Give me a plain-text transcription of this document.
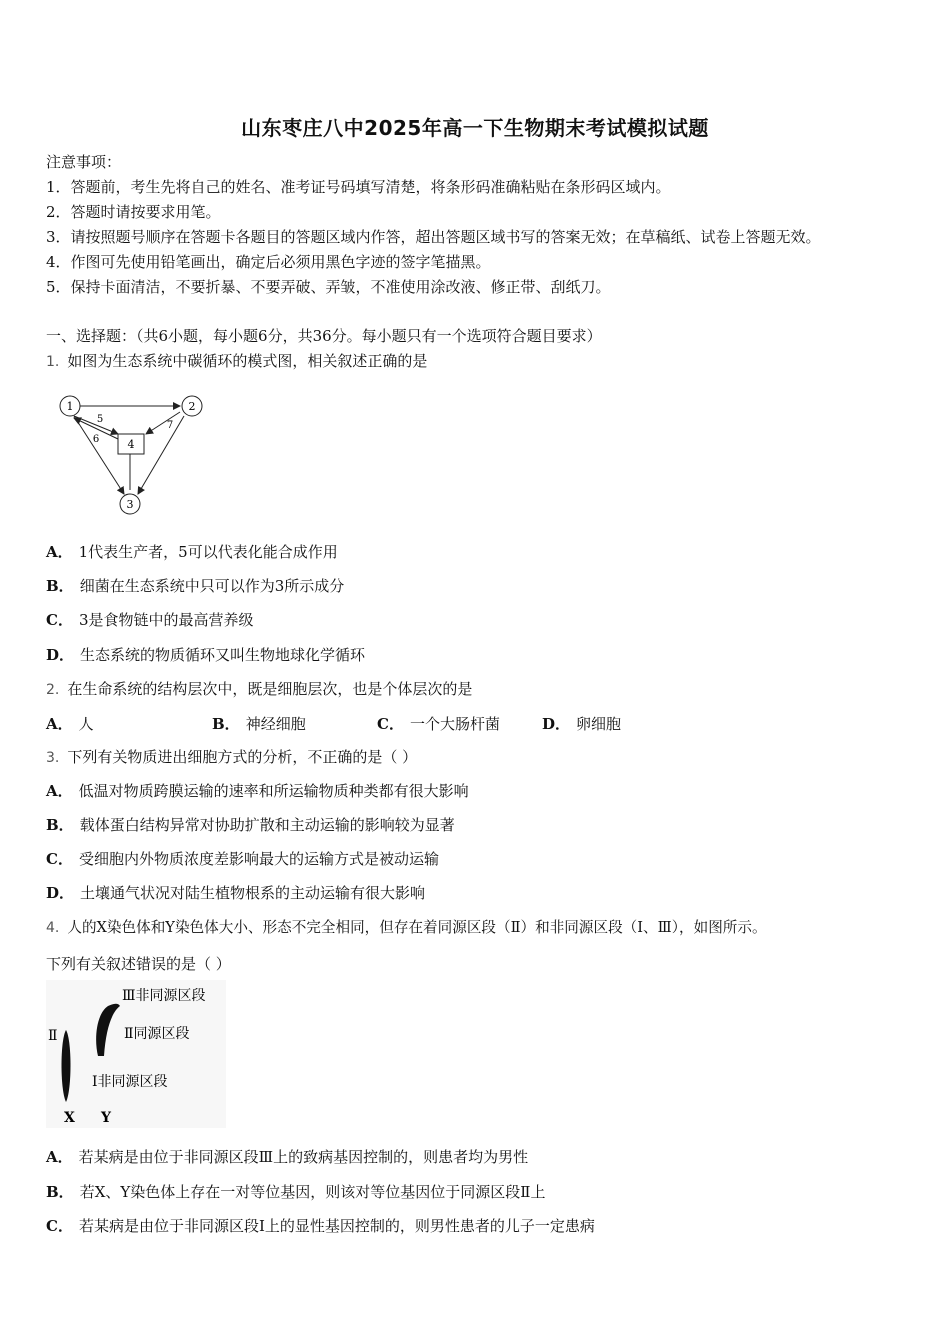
山东枣庄八中2025年高一下生物期末考试模拟试题
注意事项：
1．答题前，考生先将自己的姓名、准考证号码填写清楚，将条形码准确粘贴在条形码区域内。
2．答题时请按要求用笔。
3．请按照题号顺序在答题卡各题目的答题区域内作答，超出答题区域书写的答案无效；在草稿纸、试卷上答题无效。
4．作图可先使用铅笔画出，确定后必须用黑色字迹的签字笔描黑。
5．保持卡面清洁，不要折暴、不要弄破、弄皱，不准使用涂改液、修正带、刮纸刀。
一、选择题：（共6小题，每小题6分，共36分。每小题只有一个选项符合题目要求）
1. 如图为生态系统中碳循环的模式图，相关叙述正确的是
1	2
3
4
5
6
7
A． 1代表生产者，5可以代表化能合成作用
B． 细菌在生态系统中只可以作为3所示成分
C． 3是食物链中的最高营养级
D． 生态系统的物质循环又叫生物地球化学循环
2. 在生命系统的结构层次中，既是细胞层次，也是个体层次的是
A． 人	B． 神经细胞	C． 一个大肠杆菌	D． 卵细胞
3. 下列有关物质进出细胞方式的分析，不正确的是（ ）
A． 低温对物质跨膜运输的速率和所运输物质种类都有很大影响
B． 载体蛋白结构异常对协助扩散和主动运输的影响较为显著
C． 受细胞内外物质浓度差影响最大的运输方式是被动运输
D． 土壤通气状况对陆生植物根系的主动运输有很大影响
4. 人的X染色体和Y染色体大小、形态不完全相同，但存在着同源区段（Ⅱ）和非同源区段（Ⅰ、Ⅲ），如图所示。
下列有关叙述错误的是（ ）
Ⅲ非同源区段
Ⅱ同源区段
Ⅱ
Ⅰ非同源区段
X Y
A． 若某病是由位于非同源区段Ⅲ上的致病基因控制的，则患者均为男性
B． 若X、Y染色体上存在一对等位基因，则该对等位基因位于同源区段Ⅱ上
C． 若某病是由位于非同源区段Ⅰ上的显性基因控制的，则男性患者的儿子一定患病
